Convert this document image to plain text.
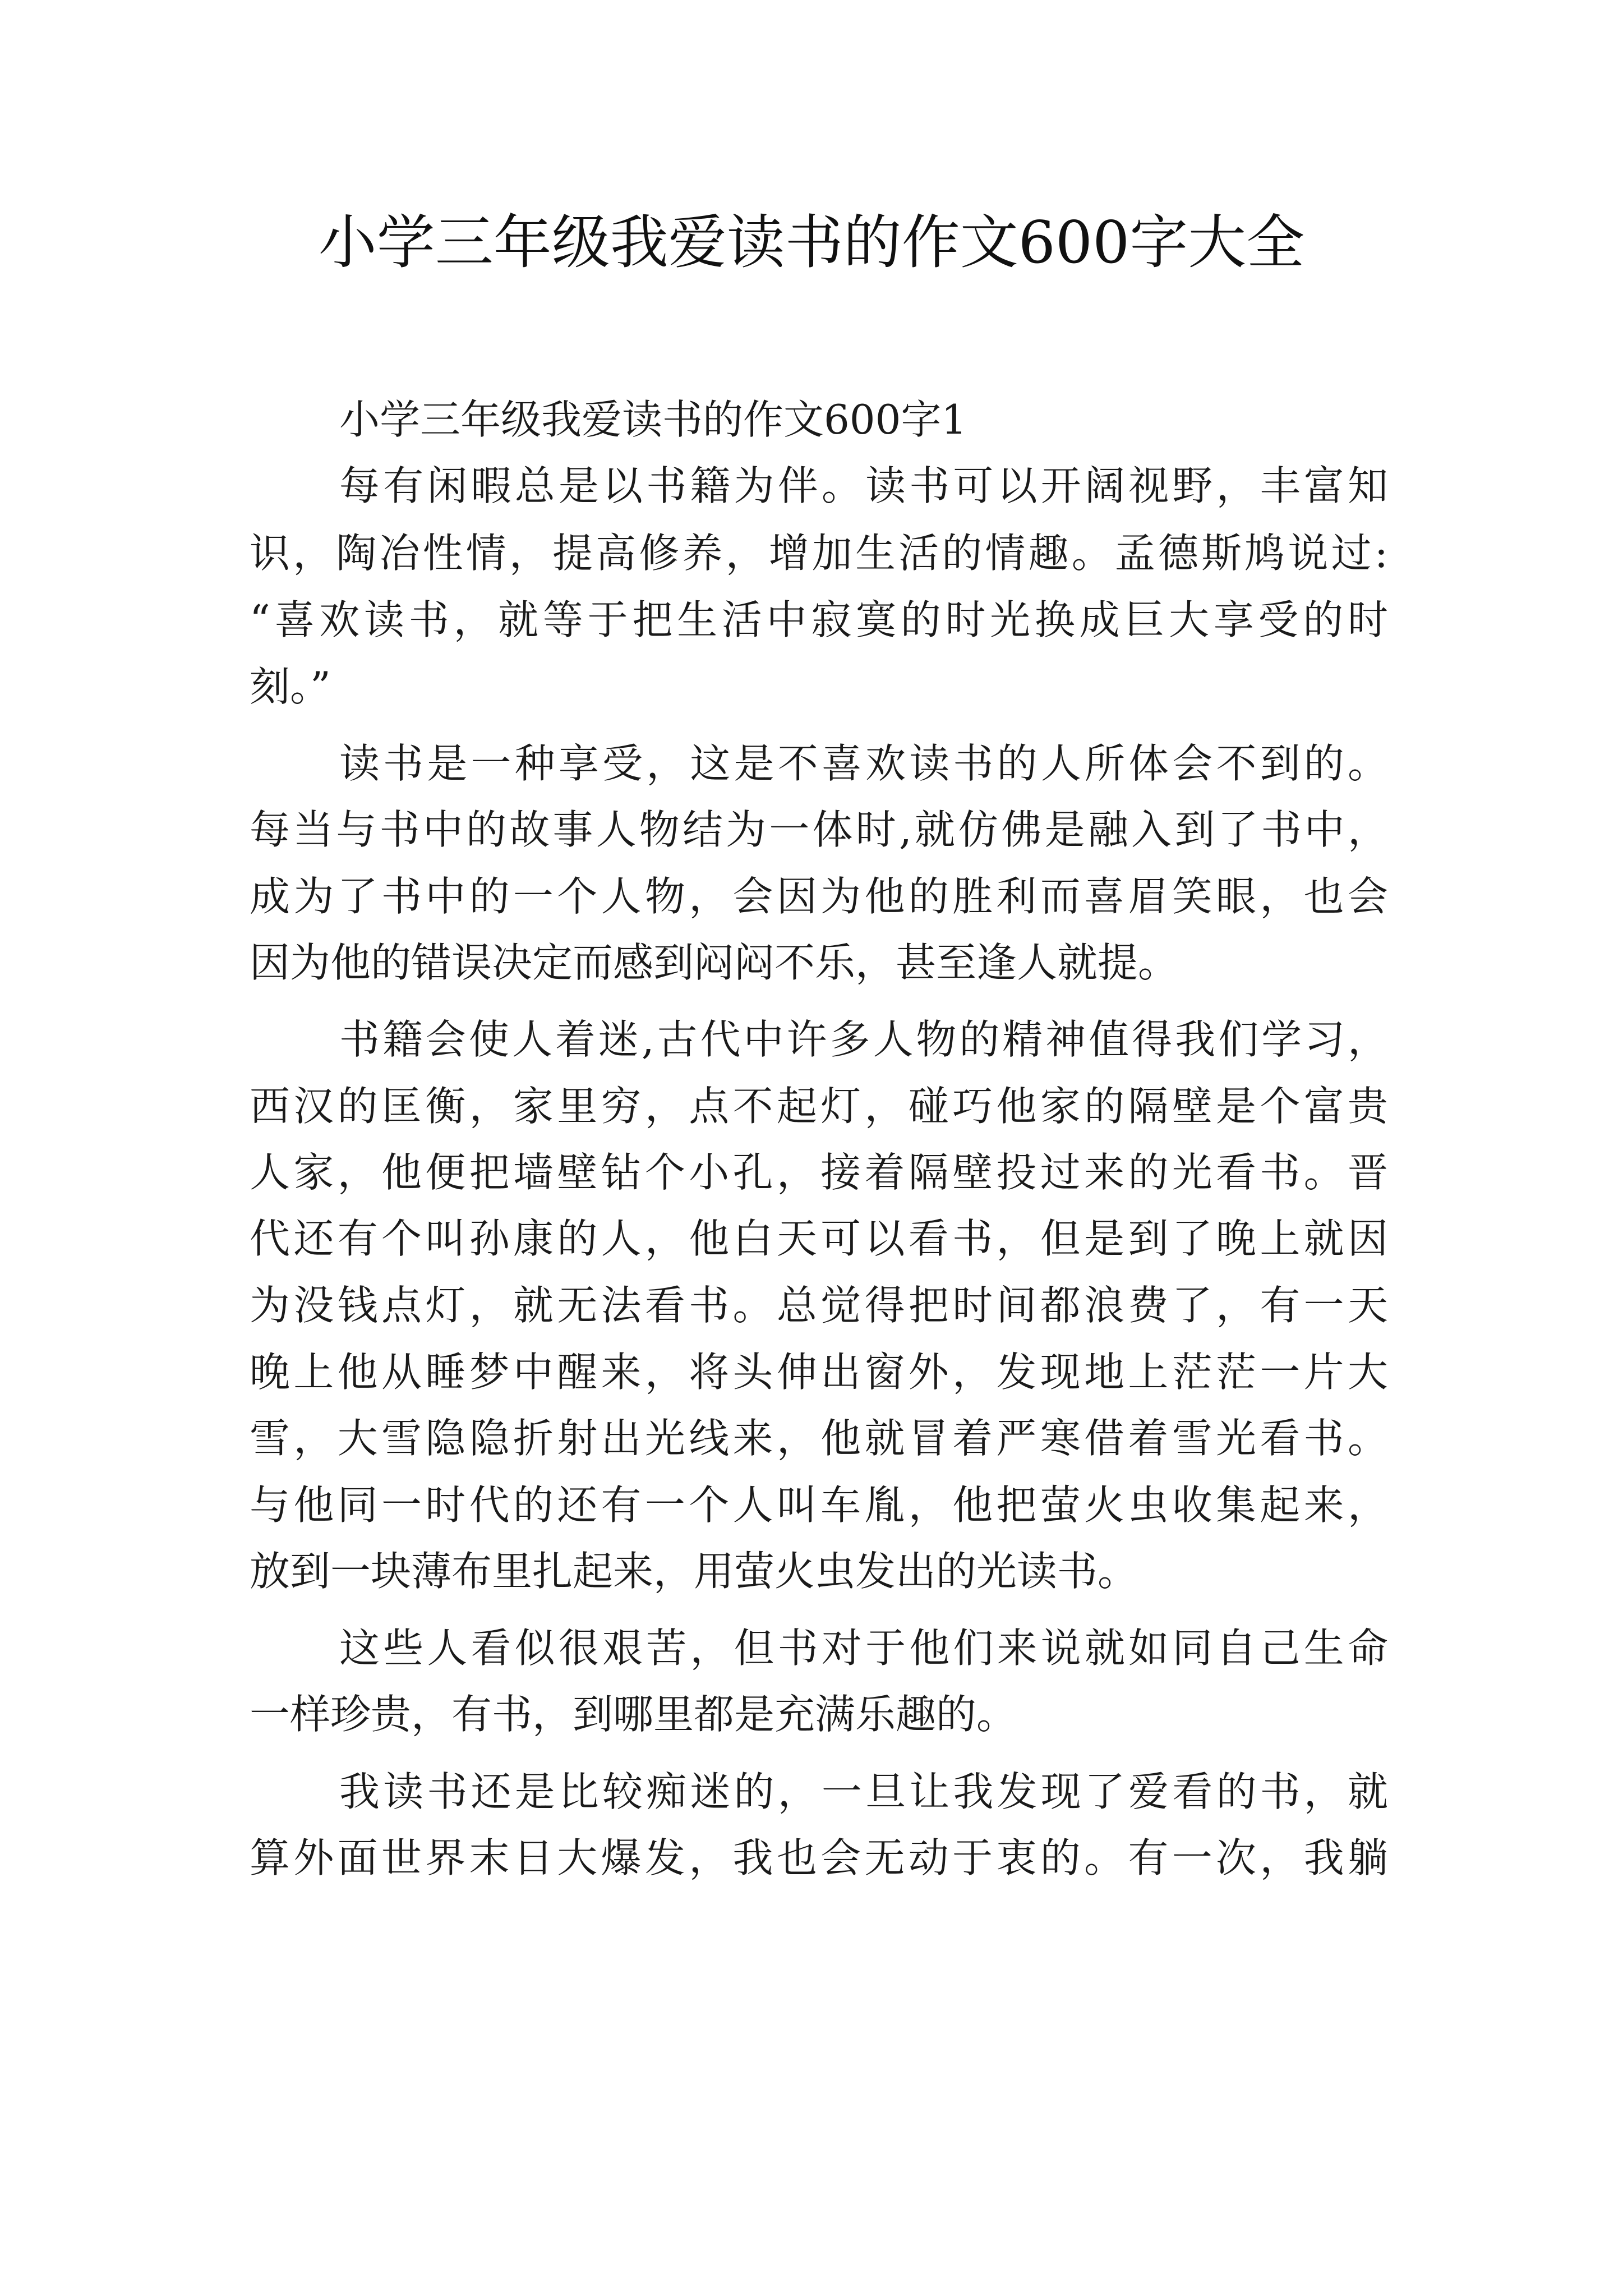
小学三年级我爱读书的作文600字大全
小学三年级我爱读书的作文600字1
每有闲暇总是以书籍为伴。读书可以开阔视野，丰富知
识，陶冶性情，提高修养，增加生活的情趣。孟德斯鸠说过:
“喜欢读书，就等于把生活中寂寞的时光换成巨大享受的时
刻。”
读书是一种享受，这是不喜欢读书的人所体会不到的。
每当与书中的故事人物结为一体时,就仿佛是融入到了书中，
成为了书中的一个人物，会因为他的胜利而喜眉笑眼，也会
因为他的错误决定而感到闷闷不乐，甚至逢人就提。
书籍会使人着迷,古代中许多人物的精神值得我们学习，
西汉的匡衡，家里穷，点不起灯，碰巧他家的隔壁是个富贵
人家，他便把墙壁钻个小孔，接着隔壁投过来的光看书。晋
代还有个叫孙康的人，他白天可以看书，但是到了晚上就因
为没钱点灯，就无法看书。总觉得把时间都浪费了，有一天
晚上他从睡梦中醒来，将头伸出窗外，发现地上茫茫一片大
雪，大雪隐隐折射出光线来，他就冒着严寒借着雪光看书。
与他同一时代的还有一个人叫车胤，他把萤火虫收集起来，
放到一块薄布里扎起来，用萤火虫发出的光读书。
这些人看似很艰苦，但书对于他们来说就如同自己生命
一样珍贵，有书，到哪里都是充满乐趣的。
我读书还是比较痴迷的，一旦让我发现了爱看的书，就
算外面世界末日大爆发，我也会无动于衷的。有一次，我躺
